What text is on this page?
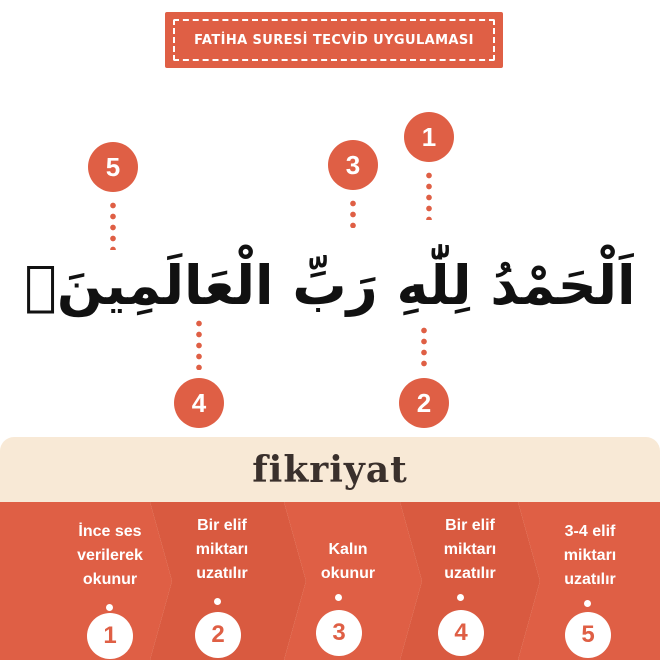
FATİHA SURESİ TECVİD UYGULAMASI
1
3
5
اَلْحَمْدُ لِلّٰهِ رَبِّ الْعَالَمِينَۙ
4	2
fikriyat
İnce ses
verilerek
okunur
1
Bir elif
miktarı
uzatılır
2
Kalın
okunur
3
Bir elif
miktarı
uzatılır
4
3-4 elif
miktarı
uzatılır
5
